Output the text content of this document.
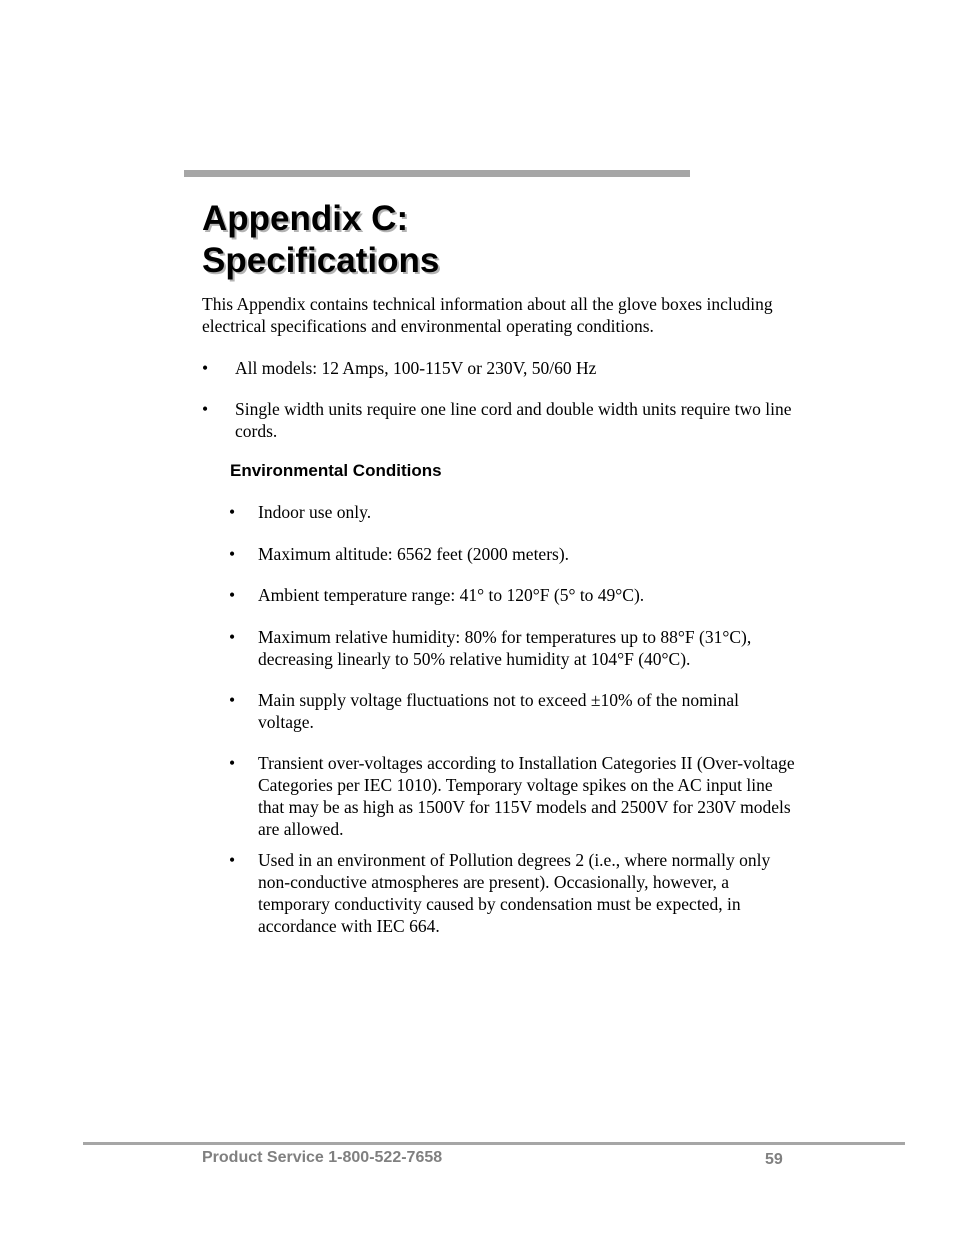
Appendix C:
Specifications

This Appendix contains technical information about all the glove boxes including electrical specifications and environmental operating conditions.

• All models: 12 Amps, 100-115V or 230V, 50/60 Hz
• Single width units require one line cord and double width units require two line cords.
Environmental Conditions
• Indoor use only.
• Maximum altitude: 6562 feet (2000 meters).
• Ambient temperature range: 41° to 120°F (5° to 49°C).
• Maximum relative humidity: 80% for temperatures up to 88°F (31°C), decreasing linearly to 50% relative humidity at 104°F (40°C).
• Main supply voltage fluctuations not to exceed ±10% of the nominal voltage.
• Transient over-voltages according to Installation Categories II (Over-voltage Categories per IEC 1010). Temporary voltage spikes on the AC input line that may be as high as 1500V for 115V models and 2500V for 230V models are allowed.
• Used in an environment of Pollution degrees 2 (i.e., where normally only non-conductive atmospheres are present). Occasionally, however, a temporary conductivity caused by condensation must be expected, in accordance with IEC 664.
Product Service 1-800-522-7658	59
